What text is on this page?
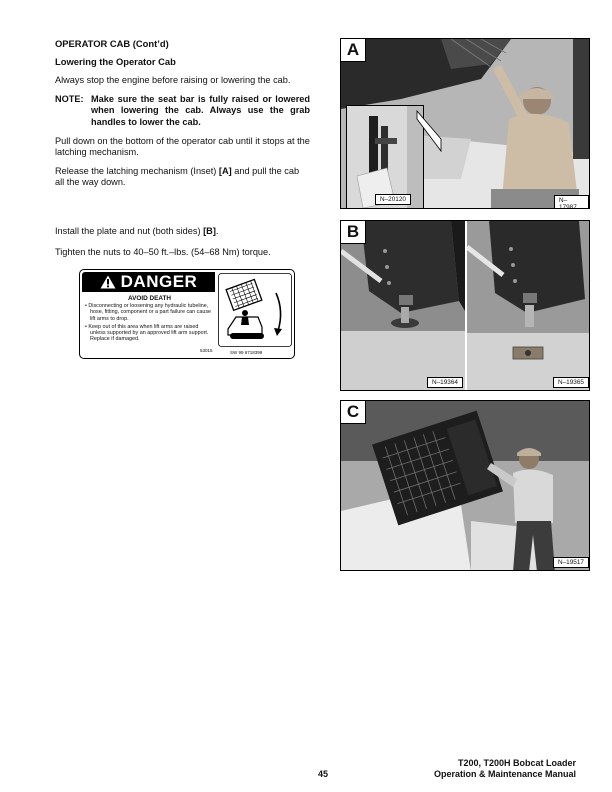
OPERATOR CAB (Cont’d)
Lowering the Operator Cab

Always stop the engine before raising or lowering the cab.

NOTE: Make sure the seat bar is fully raised or lowered when lowering the cab. Always use the grab handles to lower the cab.

Pull down on the bottom of the operator cab until it stops at the latching mechanism.

Release the latching mechanism (Inset) [A] and pull the cab all the way down.

Install the plate and nut (both sides) [B].

Tighten the nuts to 40–50 ft.–lbs. (54–68 Nm) torque.

DANGER
AVOID DEATH
• Disconnecting or loosening any hydraulic tubeline, hose, fitting, component or a part failure can cause lift arms to drop.
• Keep out of this area when lift arms are raised unless supported by an approved lift arm support. Replace if damaged.
53015	SW 99 6718399
A
N–20120	N–17987
B
N–19364	N–19365
C
N–19517
45
T200, T200H Bobcat Loader
Operation & Maintenance Manual
